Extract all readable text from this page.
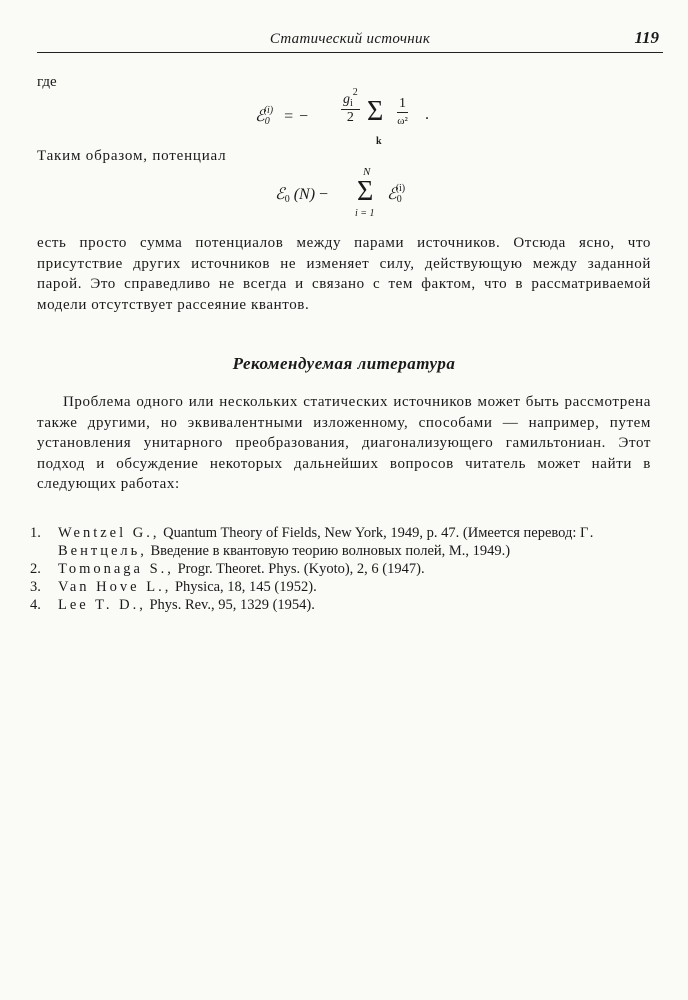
Статический источник	119
где
$ℰ0^{(i)}$ = − $\frac{g_i^2}{2}$ Σ
k
1
ω² .
Таким образом, потенциал
ℰ0 (N) −
N
Σ
i = 1
ℰ0$^{(i)}$
есть просто сумма потенциалов между парами источников. Отсюда ясно, что присутствие других источников не изменяет силу, действующую между заданной парой. Это справедливо не всегда и связано с тем фактом, что в рассматриваемой модели отсутствует рассеяние квантов.
Рекомендуемая литература
Проблема одного или нескольких статических источников может быть рассмотрена также другими, но эквивалентными изложенному, способами — например, путем установления унитарного преобразования, диагонализующего гамильтониан. Этот подход и обсуждение некоторых дальнейших вопросов читатель может найти в следующих работах:
1. Wentzel G., Quantum Theory of Fields, New York, 1949, p. 47. (Имеется перевод: Г. Вентцель, Введение в квантовую теорию волновых полей, М., 1949.)
2. Tomonaga S., Progr. Theoret. Phys. (Kyoto), 2, 6 (1947).
3. Van Hove L., Physica, 18, 145 (1952).
4. Lee T. D., Phys. Rev., 95, 1329 (1954).
